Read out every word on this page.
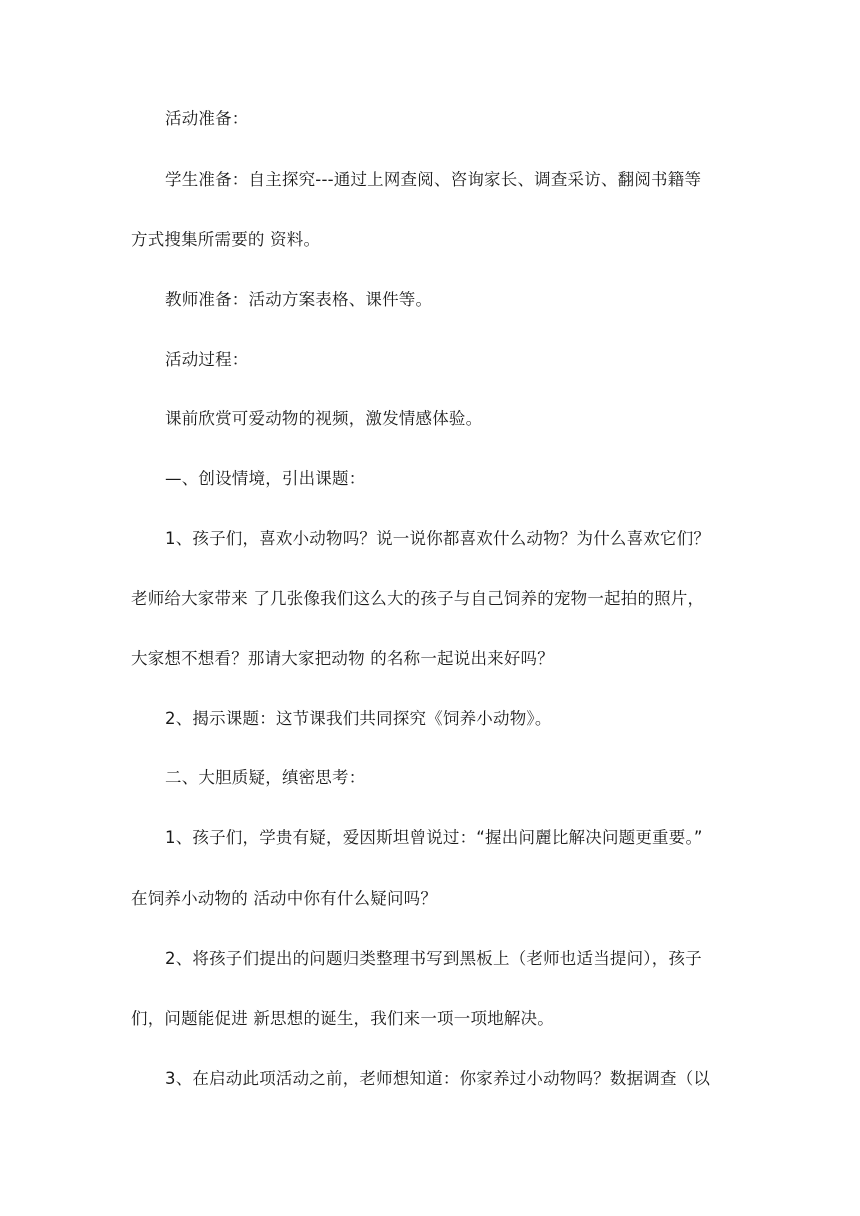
活动准备：
学生准备：自主探究---通过上网查阅、咨询家长、调查采访、翻阅书籍等
方式搜集所需要的 资料。
教师准备：活动方案表格、课件等。
活动过程：
课前欣赏可爱动物的视频，激发情感体验。
—、创设情境，引出课题：
1、孩子们，喜欢小动物吗？说一说你都喜欢什么动物？为什么喜欢它们？
老师给大家带来 了几张像我们这么大的孩子与自己饲养的宠物一起拍的照片，
大家想不想看？那请大家把动物 的名称一起说出来好吗？
2、揭示课题：这节课我们共同探究《饲养小动物》。
二、大胆质疑，缜密思考：
1、孩子们，学贵有疑，爱因斯坦曾说过：“握出问麗比解决问题更重要。”
在饲养小动物的 活动中你有什么疑问吗？
2、将孩子们提出的问题归类整理书写到黑板上（老师也适当提问），孩子
们，问题能促进 新思想的诞生，我们来一项一项地解决。
3、在启动此项活动之前，老师想知道：你家养过小动物吗？数据调查（以
